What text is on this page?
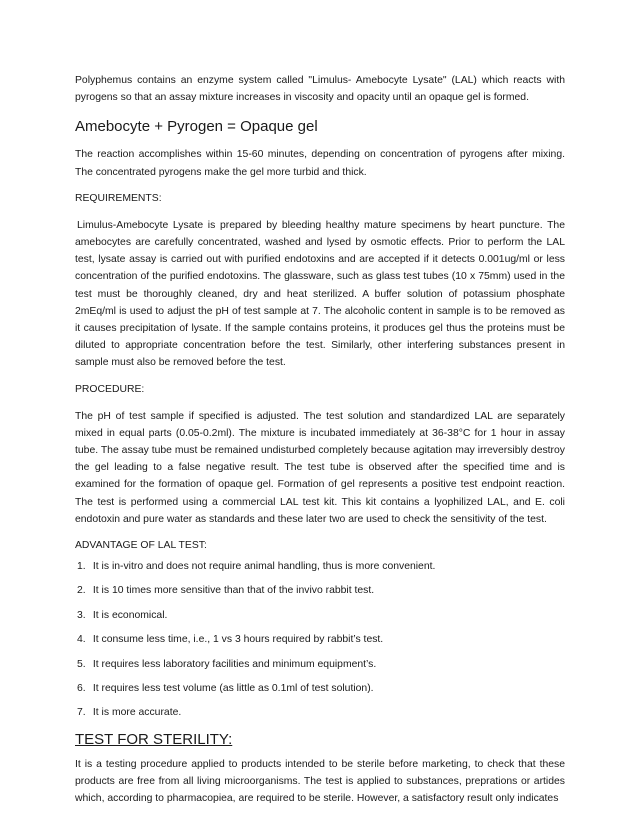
Polyphemus contains an enzyme system called "Limulus- Amebocyte Lysate" (LAL) which reacts with pyrogens so that an assay mixture increases in viscosity and opacity until an opaque gel is formed.

Amebocyte + Pyrogen = Opaque gel

The reaction accomplishes within 15-60 minutes, depending on concentration of pyrogens after mixing. The concentrated pyrogens make the gel more turbid and thick.

REQUIREMENTS:

Limulus-Amebocyte Lysate is prepared by bleeding healthy mature specimens by heart puncture. The amebocytes are carefully concentrated, washed and lysed by osmotic effects. Prior to perform the LAL test, lysate assay is carried out with purified endotoxins and are accepted if it detects 0.001ug/ml or less concentration of the purified endotoxins. The glassware, such as glass test tubes (10 x 75mm) used in the test must be thoroughly cleaned, dry and heat sterilized. A buffer solution of potassium phosphate 2mEq/ml is used to adjust the pH of test sample at 7. The alcoholic content in sample is to be removed as it causes precipitation of lysate. If the sample contains proteins, it produces gel thus the proteins must be diluted to appropriate concentration before the test. Similarly, other interfering substances present in sample must also be removed before the test.

PROCEDURE:

The pH of test sample if specified is adjusted. The test solution and standardized LAL are separately mixed in equal parts (0.05-0.2ml). The mixture is incubated immediately at 36-38°C for 1 hour in assay tube. The assay tube must be remained undisturbed completely because agitation may irreversibly destroy the gel leading to a false negative result. The test tube is observed after the specified time and is examined for the formation of opaque gel. Formation of gel represents a positive test endpoint reaction. The test is performed using a commercial LAL test kit. This kit contains a lyophilized LAL, and E. coli endotoxin and pure water as standards and these later two are used to check the sensitivity of the test.

ADVANTAGE OF LAL TEST:
1. It is in-vitro and does not require animal handling, thus is more convenient.
2. It is 10 times more sensitive than that of the invivo rabbit test.
3. It is economical.
4. It consume less time, i.e., 1 vs 3 hours required by rabbit’s test.
5. It requires less laboratory facilities and minimum equipment’s.
6. It requires less test volume (as little as 0.1ml of test solution).
7. It is more accurate.
TEST FOR STERILITY:

It is a testing procedure applied to products intended to be sterile before marketing, to check that these products are free from all living microorganisms. The test is applied to substances, preprations or artides which, according to pharmacopiea, are required to be sterile. However, a satisfactory result only indicates
